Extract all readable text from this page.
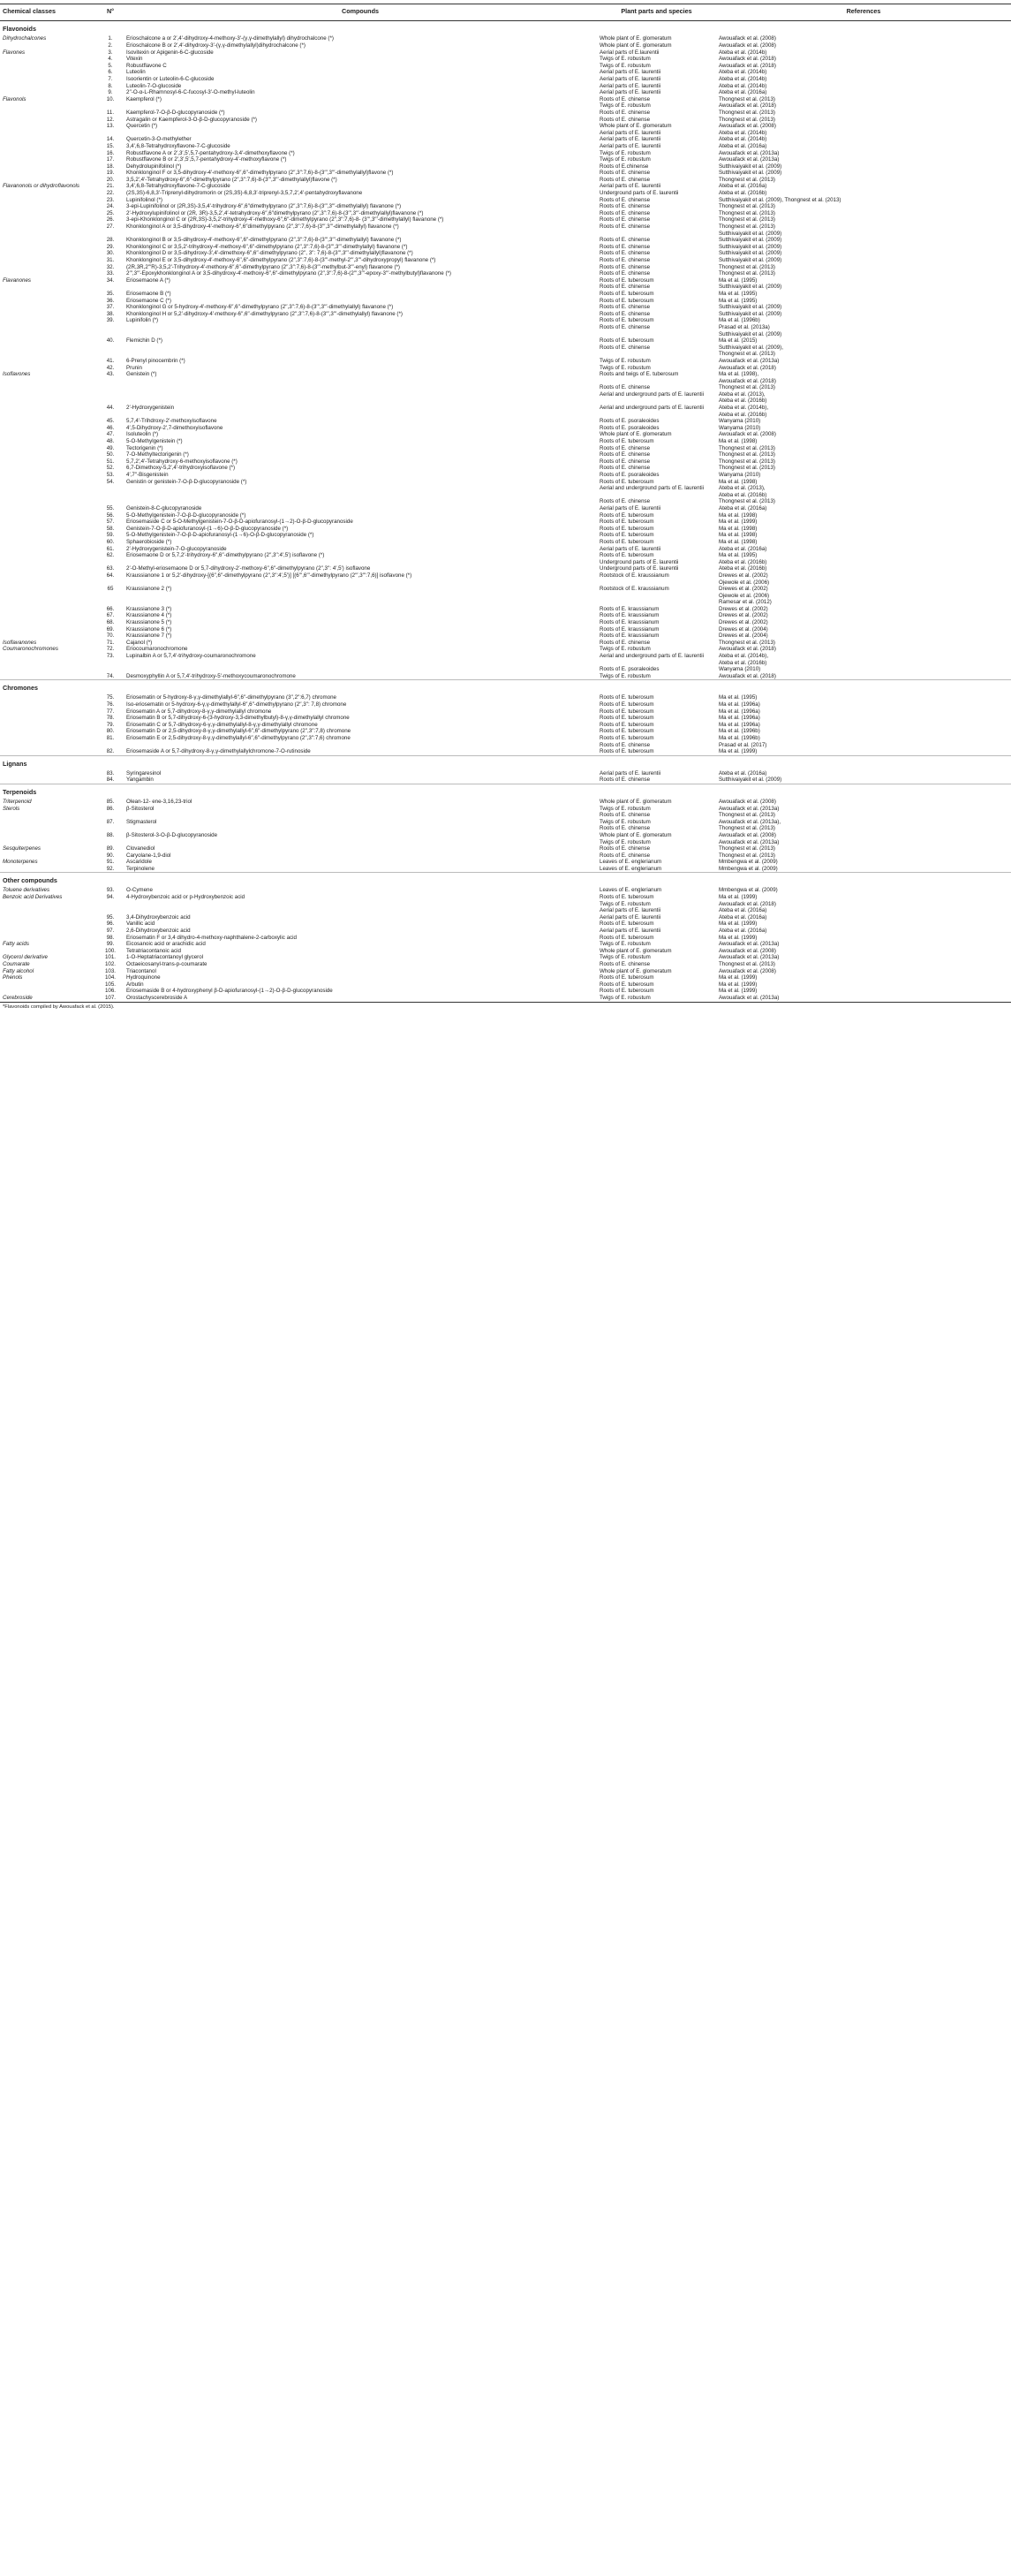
Chemical classes	N°	Compounds	Plant parts and species	References
Flavonoids				
Dihydrochalcones	1.	Erioschalcone a or 2′,4′-dihydroxy-4-methoxy-3′-(γ,γ-dimethylallyl) dihydrochalcone (*)	Whole plant of E. glomeratum	Awouafack et al. (2008)
	2.	Erioschalcone B or 2′,4′-dihydroxy-3′-(γ,γ-dimethylallyl)dihydrochalcone (*)	Whole plant of E. glomeratum	Awouafack et al. (2008)
Flavones	3.	Isovitexin or Apigenin-6-C-glucoside	Aerial parts of E.laurentii	Ateba et al. (2014b)
	4.	Vitexin	Twigs of E. robustum	Awouafack et al. (2018)
	5.	Robustflavone C	Twigs of E. robustum	Awouafack et al. (2018)
	6.	Luteolin	Aerial parts of E. laurentii	Ateba et al. (2014b)
	7.	Isoorientin or Luteolin-6-C-glucoside	Aerial parts of E. laurentii	Ateba et al. (2014b)
	8.	Luteolin-7-O-glucoside	Aerial parts of E. laurentii	Ateba et al. (2014b)
	9.	2′′-O-α-L-Rhamnosyl-6-C-fucosyl-3′-O-methyl-luteolin	Aerial parts of E. laurentii	Ateba et al. (2016a)
Flavonols	10.	Kaempferol (*)	Roots of E. chinense	Thongnest et al. (2013)
			Twigs of E. robustum	Awouafack et al. (2018)
	11.	Kaempferol-7-O-β-D-glucopyranoside (*)	Roots of E. chinense	Thongnest et al. (2013)
	12.	Astragalin or Kaempferol-3-O-β-D-glucopyranoside (*)	Roots of E. chinense	Thongnest et al. (2013)
	13.	Quercetin (*)	Whole plant of E. glomeratum	Awouafack et al. (2008)
			Aerial parts of E. laurentii	Ateba et al. (2014b)
	14.	Quercetin-3-O-methylether	Aerial parts of E. laurentii	Ateba et al. (2014b)
	15.	3,4′,6,8-Tetrahydroxyflavone-7-C-glucoside	Aerial parts of E. laurentii	Ateba et al. (2016a)
	16.	Robustflavone A or 2′,3′,5′,5,7-pentahydroxy-3,4′-dimethoxyflavone (*)	Twigs of E. robustum	Awouafack et al. (2013a)
	17.	Robustflavone B or 2′,3′,5′,5,7-pentahydroxy-4′-methoxyflavone (*)	Twigs of E. robustum	Awouafack et al. (2013a)
	18.	Dehydrolupinifolinol (*)	Roots of E.chinense	Sutthivaiyakit et al. (2009)
	19.	Khonklonginol F or 3,5-dihydroxy-4′-methoxy-6′′,6′′-dimethylpyrano (2′′,3′′:7,6)-8-(3′′′,3′′′-dimethylallyl)flavone (*)	Roots of E. chinense	Sutthivaiyakit et al. (2009)
	20.	3,5,2′,4′-Tetrahydroxy-6′′,6′′-dimethylpyrano (2′′,3′′:7,6)-8-(3′′′,3′′′-dimethylallyl)flavone (*)	Roots of E. chinense	Thongnest et al. (2013)
Flavanonols or dihydroflavonols	21.	3,4′,6,8-Tetrahydroxyflavone-7-C-glucoside	Aerial parts of E. laurentii	Ateba et al. (2016a)
	22.	(2S,3S)-6,8,3′-Triprenyl-dihydromorin or (2S,3S)-6,8,3′-triprenyl-3,5,7,2′,4′-pentahydroxyflavanone	Underground parts of E. laurentii	Ateba et al. (2016b)
	23.	Lupinifolinol (*)	Roots of E. chinense	Sutthivaiyakit et al. (2009), Thongnest et al. (2013)
	24.	3-epi-Lupinifolinol or (2R,3S)-3,5,4′-trihydroxy-6′′,6′′dimethylpyrano (2′′,3′′:7,6)-8-(3′′′,3′′′-dimethylallyl) flavanone (*)	Roots of E. chinense	Thongnest et al. (2013)
	25.	2′-Hydroxylupinifolinol or (2R, 3R)-3,5,2′,4′-tetrahydroxy-6′′,6′′dimethylpyrano (2′′,3′′:7,6)-8-(3′′′,3′′′-dimethylallyl)flavanone (*)	Roots of E. chinense	Thongnest et al. (2013)
	26.	3-epi-Khonklonginol C or (2R,3S)-3,5,2′-trihydroxy-4′-methoxy-6′′,6′′-dimethylpyrano (2′′,3′′:7,6)-8- (3′′′,3′′′-dimethylallyl) flavanone (*)	Roots of E. chinense	Thongnest et al. (2013)
	27.	Khonklonginol A or 3,5-dihydroxy-4′-methoxy-6′′,6′′dimethylpyrano (2′′,3′′:7,6)-8-(3′′′,3′′′-dimethylallyl) flavanone (*)	Roots of E. chinense	Thongnest et al. (2013)
				Sutthivaiyakit et al. (2009)
	28.	Khonklonginol B or 3,5-dihydroxy-4′-methoxy-6′′,6′′-dimethylpyrano (2′′,3′′:7,6)-8-(3′′′,3′′′-dimethylallyl) flavanone (*)	Roots of E. chinense	Sutthivaiyakit et al. (2009)
	29.	Khonklonginol C or 3,5,2′-trihydroxy-4′-methoxy-6′′,6′′-dimethylpyrano (2′′,3′′:7,6)-8-(3′′′,3′′′-dimethylallyl) flavanone (*)	Roots of E. chinense	Sutthivaiyakit et al. (2009)
	30.	Khonklonginol D or 3,5-dihydroxy-3′,4′-dimethoxy-6′′,6′′-dimethylpyrano (2′′, 3′′: 7,6)-8-(3′′′,3′′′-dimethylallyl)flavanone (*)	Roots of E. chinense	Sutthivaiyakit et al. (2009)
	31.	Khonklonginol E or 3,5-dihydroxy-4′-methoxy-6′′,6′′-dimethylpyrano (2′′,3′′:7,6)-8-(3′′′-methyl-2′′′,3′′′-dihydroxypropyl) flavanone (*)	Roots of E. chinense	Sutthivaiyakit et al. (2009)
	32.	(2R,3R,2′′′R)-3,5,2′-Trihydroxy-4′-methoxy-6′′,6′′-dimethylpyrano (2′′,3′′:7,6)-8-(3′′′-methylbut-3′′′-enyl) flavanone (*)	Roots of E. chinense	Thongnest et al. (2013)
	33.	2′′′,3′′′-Epoxykhonklonginol A or 3,5-dihydroxy-4′-methoxy-6′′,6′′-dimethylpyrano (2′′,3′′:7,6)-8-(2′′′,3′′′-epoxy-3′′′-methylbutyl)flavanone (*)	Roots of E. chinense	Thongnest et al. (2013)
Flavanones	34.	Eriosemaone A (*)	Roots of E. tuberosum	Ma et al. (1995)
			Roots of E. chinense	Sutthivaiyakit et al. (2009)
	35.	Eriosemaone B (*)	Roots of E. tuberosum	Ma et al. (1995)
	36.	Eriosemaone C (*)	Roots of E. tuberosum	Ma et al. (1995)
	37.	Khonklonginol G or 5-hydroxy-4′-methoxy-6′′,6′′-dimethylpyrano (2′′,3′′:7,6)-8-(3′′′,3′′′-dimethylallyl) flavanone (*)	Roots of E. chinense	Sutthivaiyakit et al. (2009)
	38.	Khonklonginol H or 5,2′-dihydroxy-4′-methoxy-6′′,6′′-dimethylpyrano (2′′,3′′:7,6)-8-(3′′′,3′′′-dimethylallyl) flavanone (*)	Roots of E. chinense	Sutthivaiyakit et al. (2009)
	39.	Lupinifolin (*)	Roots of E. tuberosum	Ma et al. (1996b)
			Roots of E. chinense	Prasad et al. (2013a)
				Sutthivaiyakit et al. (2009)
	40.	Flemichin D (*)	Roots of E. tuberosum	Ma et al. (2015)
			Roots of E. chinense	Sutthivaiyakit et al. (2009),
				Thongnest et al. (2013)
	41.	6-Prenyl pinocembrin (*)	Twigs of E. robustum	Awouafack et al. (2013a)
	42.	Prunin	Twigs of E. robustum	Awouafack et al. (2018)
Isoflavones	43.	Genistein (*)	Roots and twigs of E. tuberosum	Ma et al. (1998),
				Awouafack et al. (2018)
			Roots of E. chinense	Thongnest et al. (2013)
			Aerial and underground parts of E. laurentii	Ateba et al. (2013),
				Ateba et al. (2016b)
	44.	2′-Hydroxygenistein	Aerial and underground parts of E. laurentii	Ateba et al. (2014b),
				Ateba et al. (2016b)
	45.	5,7,4′-Trihdroxy-2′-methoxyisoflavone	Roots of E. psoraleoides	Wanyama (2010)
	46.	4′,5-Dihydroxy-2′,7-dimethoxyisoflavone	Roots of E. psoraleoides	Wanyama (2010)
	47.	Isoluteolin (*)	Whole plant of E. glomeratum	Awouafack et al. (2008)
	48.	5-O-Methylgenistein (*)	Roots of E. tuberosum	Ma et al. (1998)
	49.	Tectorigenin (*)	Roots of E. chinense	Thongnest et al. (2013)
	50.	7-O-Methyltectorigenin (*)	Roots of E. chinense	Thongnest et al. (2013)
	51.	5,7,2′,4′-Tetrahydroxy-6-methoxyisoflavone (*)	Roots of E. chinense	Thongnest et al. (2013)
	52.	6,7-Dimethoxy-5,2′,4′-trihydroxyisoflavone (*)	Roots of E. chinense	Thongnest et al. (2013)
	53.	4′,7′′-Bisgenistein	Roots of E. psoraleoides	Wanyama (2010)
	54.	Genistin or genistein-7-O-β-D-glucopyranoside (*)	Roots of E. tuberosum	Ma et al. (1998)
			Aerial and underground parts of E. laurentii	Ateba et al. (2013),
				Ateba et al. (2016b)
			Roots of E. chinense	Thongnest et al. (2013)
	55.	Genistein-8-C-glucopyranoside	Aerial parts of E. laurentii	Ateba et al. (2016a)
	56.	5-O-Methylgenistein-7-O-β-D-glucopyranoside (*)	Roots of E. tuberosum	Ma et al. (1998)
	57.	Eriosemaside C or 5-O-Methylgenistein-7-O-β-D-apiofuranosyl-(1→2)-O-β-D-glucopyranoside	Roots of E. tuberosum	Ma et al. (1999)
	58.	Genistein-7-O-β-D-apiofuranosyl-(1→6)-O-β-D-glucopyranoside (*)	Roots of E. tuberosum	Ma et al. (1998)
	59.	5-O-Methylgenistein-7-O-β-D-apiofuranosyl-(1→6)-O-β-D-glucopyranoside (*)	Roots of E. tuberosum	Ma et al. (1998)
	60.	Sphaerobioside (*)	Roots of E. tuberosum	Ma et al. (1998)
	61.	2′-Hydroxygenistein-7-O-glucopyranoside	Aerial parts of E. laurentii	Ateba et al. (2016a)
	62.	Eriosemaone D or 5,7,2′-trihydroxy-6′′,6′′-dimethylpyrano (2′′,3′′:4′,5′) isoflavone (*)	Roots of E. tuberosum	Ma et al. (1995)
			Underground parts of E. laurentii	Ateba et al. (2016b)
	63.	2′-O-Methyl-eriosemaone D or 5,7-dihydroxy-2′-methoxy-6′′,6′′-dimethylpyrano (2′′,3′′: 4′,5′) isoflavone	Underground parts of E. laurentii	Ateba et al. (2016b)
	64.	Kraussianone 1 or 5,2′-dihydroxy-[(6′′,6′′-dimethylpyrano (2′′,3′′:4′,5′)] [(6′′′,6′′′-dimethylpyrano (2′′′,3′′′:7,6)] isoflavone (*)	Rootstock of E. kraussianum	Drewes et al. (2002)
				Ojewole et al. (2006)
	65	Kraussianone 2 (*)	Rootstock of E. kraussianum	Drewes et al. (2002)
				Ojewole et al. (2006)
				Ramesar et al. (2012)
	66.	Kraussianone 3 (*)	Roots of E. kraussianum	Drewes et al. (2002)
	67.	Kraussianone 4 (*)	Roots of E. kraussianum	Drewes et al. (2002)
	68.	Kraussianone 5 (*)	Roots of E. kraussianum	Drewes et al. (2002)
	69.	Kraussianone 6 (*)	Roots of E. kraussianum	Drewes et al. (2004)
	70.	Kraussianone 7 (*)	Roots of E. kraussianum	Drewes et al. (2004)
Isoflavanones	71.	Cajanol (*)	Roots of E. chinense	Thongnest et al. (2013)
Coumaronochromones	72.	Eriocoumaronochromone	Twigs of E. robustum	Awouafack et al. (2018)
	73.	Lupinalbin A or 5,7,4′-trihydroxy-coumaronochromone	Aerial and underground parts of E. laurentii	Ateba et al. (2014b),
				Ateba et al. (2016b)
			Roots of E. psoraleoides	Wanyama (2010)
	74.	Desmoxyphyllin A or 5,7,4′-trihydroxy-5′-methoxycoumaronochromone	Twigs of E. robustum	Awouafack et al. (2018)
Chromones				
	75.	Eriosematin or 5-hydroxy-8-γ,γ-dimethylallyl-6′′,6′′-dimethylpyrano (3′′,2′′:6,7) chromone	Roots of E. tuberosum	Ma et al. (1995)
	76.	Iso-eriosematin or 5-hydroxy-6-γ,γ-dimethylallyl-6′′,6′′-dimethylpyrano (2′′,3′′: 7,8) chromone	Roots of E. tuberosum	Ma et al. (1996a)
	77.	Eriosematin A or 5,7-dihydroxy-8-γ,γ-dimethylallyl chromone	Roots of E. tuberosum	Ma et al. (1996a)
	78.	Eriosematin B or 5,7-dihydroxy-6-(3-hydroxy-3,3-dimethylbutyl)-8-γ,γ-dimethylallyl chromone	Roots of E. tuberosum	Ma et al. (1996a)
	79.	Eriosematin C or 5,7-dihydroxy-6-γ,γ-dimethylallyl-8-γ,γ-dimethylallyl chromone	Roots of E. tuberosum	Ma et al. (1996a)
	80.	Eriosematin D or 2,5-dihydroxy-8-γ,γ-dimethylallyl-6′′,6′′-dimethylpyrano (2′′,3′′:7,8) chromone	Roots of E. tuberosum	Ma et al. (1996b)
	81.	Eriosematin E or 2,5-dihydroxy-8-γ,γ-dimethylallyl-6′′,6′′-dimethylpyrano (2′′,3′′:7,6) chromone	Roots of E. tuberosum	Ma et al. (1996b)
			Roots of E. chinense	Prasad et al. (2017)
	82.	Eriosemaside A or 5,7-dihydroxy-8-γ,γ-dimethylallylchromone-7-O-rutinoside	Roots of E. tuberosum	Ma et al. (1999)
Lignans				
	83.	Syringaresinol	Aerial parts of E. laurentii	Ateba et al. (2016a)
	84.	Yangambin	Roots of E. chinense	Sutthivaiyakit et al. (2009)
Terpenoids				
Triterpenoid	85.	Olean-12- ene-3,16,23-triol	Whole plant of E. glomeratum	Awouafack et al. (2008)
Sterols	86.	β-Sitosterol	Twigs of E. robustum	Awouafack et al. (2013a)
			Roots of E. chinense	Thongnest et al. (2013)
	87.	Stigmasterol	Twigs of E. robustum	Awouafack et al. (2013a),
			Roots of E. chinense	Thongnest et al. (2013)
	88.	β-Sitosterol-3-O-β-D-glucopyranoside	Whole plant of E. glomeratum	Awouafack et al. (2008)
			Twigs of E. robustum	Awouafack et al. (2013a)
Sesquiterpenes	89.	Clovanediol	Roots of E. chinense	Thongnest et al. (2013)
	90.	Caryolane-1,9-diol	Roots of E. chinense	Thongnest et al. (2013)
Monoterpenes	91.	Ascaridole	Leaves of E. englerianum	Mmbengwa et al. (2009)
	92.	Terpinolene	Leaves of E. englerianum	Mmbengwa et al. (2009)
Other compounds				
Toluene derivatives	93.	O-Cymene	Leaves of E. englerianum	Mmbengwa et al. (2009)
Benzoic acid Derivatives	94.	4-Hydroxybenzoic acid or p-Hydroxybenzoic acid	Roots of E. tuberosum	Ma et al. (1999)
			Twigs of E. robustum	Awouafack et al. (2018)
			Aerial parts of E. laurentii	Ateba et al. (2016a)
	95.	3,4-Dihydroxybenzoic acid	Aerial parts of E. laurentii	Ateba et al. (2016a)
	96.	Vanillic acid	Roots of E. tuberosum	Ma et al. (1999)
	97.	2,6-Dihydroxybenzoic acid	Aerial parts of E. laurentii	Ateba et al. (2016a)
	98.	Eriosematin F or 3,4 dihydro-4-methoxy-naphthalene-2-carboxylic acid	Roots of E. tuberosum	Ma et al. (1999)
Fatty acids	99.	Eicosanoic acid or arachidic acid	Twigs of E. robustum	Awouafack et al. (2013a)
	100.	Tetratriacontanoic acid	Whole plant of E. glomeratum	Awouafack et al. (2008)
Glycerol derivative	101.	1-O-Heptatriacontanoyl glycerol	Twigs of E. robustum	Awouafack et al. (2013a)
Coumarate	102.	Octaeicosanyl-trans-p-coumarate	Roots of E. chinense	Thongnest et al. (2013)
Fatty alcohol	103.	Triacontanol	Whole plant of E. glomeratum	Awouafack et al. (2008)
Phenols	104.	Hydroquinone	Roots of E. tuberosum	Ma et al. (1999)
	105.	Arbutin	Roots of E. tuberosum	Ma et al. (1999)
	106.	Eriosemaside B or 4-hydroxyphenyl β-D-apiofuranosyl-(1→2)-O-β-D-glucopyranoside	Roots of E. tuberosum	Ma et al. (1999)
Cerebroside	107.	Orostachyscerebroside A	Twigs of E. robustum	Awouafack et al. (2013a)
*Flavonoids compiled by Awouafack et al. (2015).				
